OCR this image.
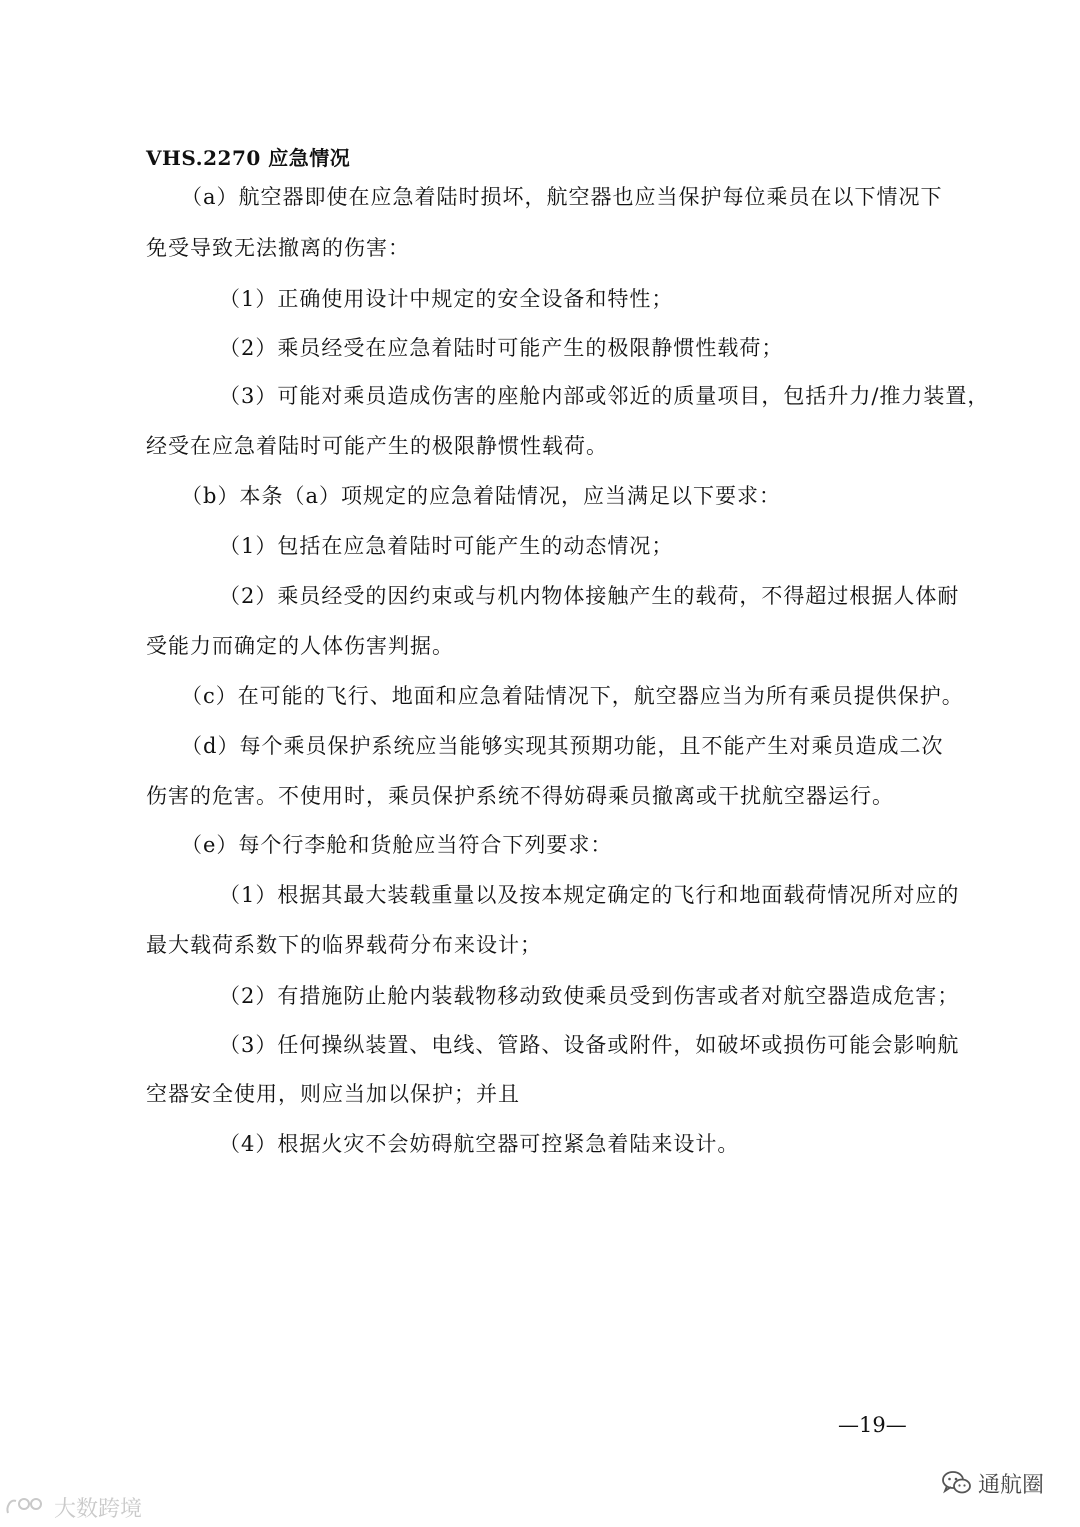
VHS.2270 应急情况
（a）航空器即使在应急着陆时损坏，航空器也应当保护每位乘员在以下情况下
免受导致无法撤离的伤害：
（1）正确使用设计中规定的安全设备和特性；
（2）乘员经受在应急着陆时可能产生的极限静惯性载荷；
（3）可能对乘员造成伤害的座舱内部或邻近的质量项目，包括升力/推力装置，
经受在应急着陆时可能产生的极限静惯性载荷。
（b）本条（a）项规定的应急着陆情况，应当满足以下要求：
（1）包括在应急着陆时可能产生的动态情况；
（2）乘员经受的因约束或与机内物体接触产生的载荷，不得超过根据人体耐
受能力而确定的人体伤害判据。
（c）在可能的飞行、地面和应急着陆情况下，航空器应当为所有乘员提供保护。
（d）每个乘员保护系统应当能够实现其预期功能，且不能产生对乘员造成二次
伤害的危害。不使用时，乘员保护系统不得妨碍乘员撤离或干扰航空器运行。
（e）每个行李舱和货舱应当符合下列要求：
（1）根据其最大装载重量以及按本规定确定的飞行和地面载荷情况所对应的
最大载荷系数下的临界载荷分布来设计；
（2）有措施防止舱内装载物移动致使乘员受到伤害或者对航空器造成危害；
（3）任何操纵装置、电线、管路、设备或附件，如破坏或损伤可能会影响航
空器安全使用，则应当加以保护；并且
（4）根据火灾不会妨碍航空器可控紧急着陆来设计。
—19—
通航圈
大数跨境
